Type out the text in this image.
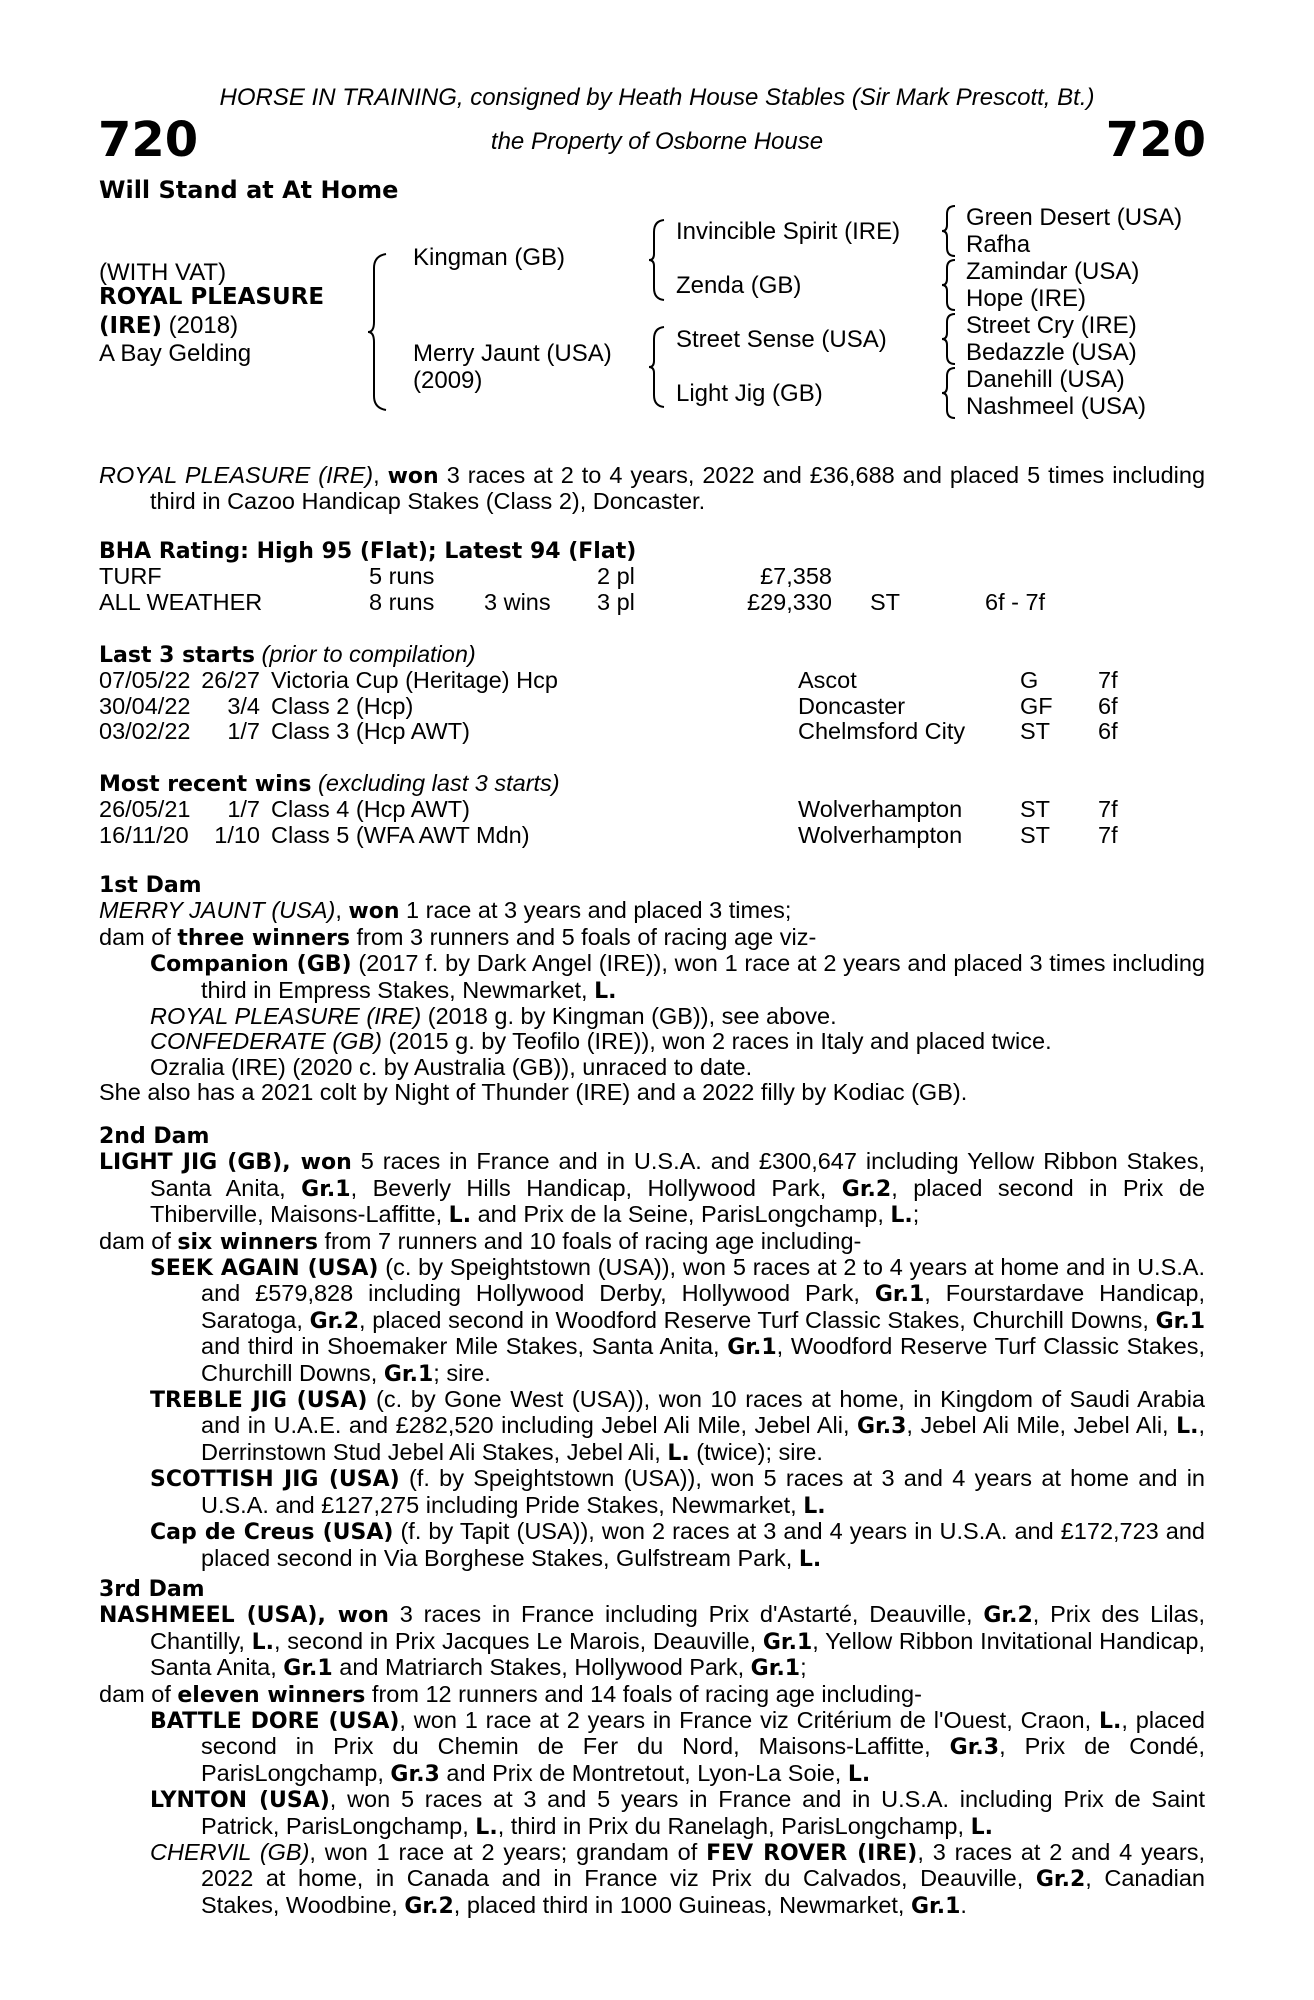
HORSE IN TRAINING, consigned by Heath House Stables (Sir Mark Prescott, Bt.)
720	720
the Property of Osborne House
Will Stand at At Home
(WITH VAT)
ROYAL PLEASURE
(IRE) (2018)
A Bay Gelding
Kingman (GB)
Merry Jaunt (USA)
(2009)
Invincible Spirit (IRE)
Zenda (GB)
Street Sense (USA)
Light Jig (GB)
Green Desert (USA)
Rafha
Zamindar (USA)
Hope (IRE)
Street Cry (IRE)
Bedazzle (USA)
Danehill (USA)
Nashmeel (USA)

ROYAL PLEASURE (IRE), won 3 races at 2 to 4 years, 2022 and £36,688 and placed 5 times including third in Cazoo Handicap Stakes (Class 2), Doncaster.

BHA Rating: High 95 (Flat); Latest 94 (Flat)
TURF	5 runs		2 pl	£7,358		
ALL WEATHER	8 runs	3 wins	3 pl	£29,330	ST	6f - 7f
Last 3 starts (prior to compilation)
07/05/22	26/27	Victoria Cup (Heritage) Hcp	Ascot	G	7f
30/04/22	3/4	Class 2 (Hcp)	Doncaster	GF	6f
03/02/22	1/7	Class 3 (Hcp AWT)	Chelmsford City	ST	6f
Most recent wins (excluding last 3 starts)
26/05/21	1/7	Class 4 (Hcp AWT)	Wolverhampton	ST	7f
16/11/20	1/10	Class 5 (WFA AWT Mdn)	Wolverhampton	ST	7f
1st Dam

MERRY JAUNT (USA), won 1 race at 3 years and placed 3 times;

dam of three winners from 3 runners and 5 foals of racing age viz-

Companion (GB) (2017 f. by Dark Angel (IRE)), won 1 race at 2 years and placed 3 times including third in Empress Stakes, Newmarket, L.

ROYAL PLEASURE (IRE) (2018 g. by Kingman (GB)), see above.

CONFEDERATE (GB) (2015 g. by Teofilo (IRE)), won 2 races in Italy and placed twice.

Ozralia (IRE) (2020 c. by Australia (GB)), unraced to date.

She also has a 2021 colt by Night of Thunder (IRE) and a 2022 filly by Kodiac (GB).

2nd Dam

LIGHT JIG (GB), won 5 races in France and in U.S.A. and £300,647 including Yellow Ribbon Stakes, Santa Anita, Gr.1, Beverly Hills Handicap, Hollywood Park, Gr.2, placed second in Prix de Thiberville, Maisons-Laffitte, L. and Prix de la Seine, ParisLongchamp, L.;

dam of six winners from 7 runners and 10 foals of racing age including-

SEEK AGAIN (USA) (c. by Speightstown (USA)), won 5 races at 2 to 4 years at home and in U.S.A. and £579,828 including Hollywood Derby, Hollywood Park, Gr.1, Fourstardave Handicap, Saratoga, Gr.2, placed second in Woodford Reserve Turf Classic Stakes, Churchill Downs, Gr.1 and third in Shoemaker Mile Stakes, Santa Anita, Gr.1, Woodford Reserve Turf Classic Stakes, Churchill Downs, Gr.1; sire.

TREBLE JIG (USA) (c. by Gone West (USA)), won 10 races at home, in Kingdom of Saudi Arabia and in U.A.E. and £282,520 including Jebel Ali Mile, Jebel Ali, Gr.3, Jebel Ali Mile, Jebel Ali, L., Derrinstown Stud Jebel Ali Stakes, Jebel Ali, L. (twice); sire.

SCOTTISH JIG (USA) (f. by Speightstown (USA)), won 5 races at 3 and 4 years at home and in U.S.A. and £127,275 including Pride Stakes, Newmarket, L.

Cap de Creus (USA) (f. by Tapit (USA)), won 2 races at 3 and 4 years in U.S.A. and £172,723 and placed second in Via Borghese Stakes, Gulfstream Park, L.

3rd Dam

NASHMEEL (USA), won 3 races in France including Prix d'Astarté, Deauville, Gr.2, Prix des Lilas, Chantilly, L., second in Prix Jacques Le Marois, Deauville, Gr.1, Yellow Ribbon Invitational Handicap, Santa Anita, Gr.1 and Matriarch Stakes, Hollywood Park, Gr.1;

dam of eleven winners from 12 runners and 14 foals of racing age including-

BATTLE DORE (USA), won 1 race at 2 years in France viz Critérium de l'Ouest, Craon, L., placed second in Prix du Chemin de Fer du Nord, Maisons-Laffitte, Gr.3, Prix de Condé, ParisLongchamp, Gr.3 and Prix de Montretout, Lyon-La Soie, L.

LYNTON (USA), won 5 races at 3 and 5 years in France and in U.S.A. including Prix de Saint Patrick, ParisLongchamp, L., third in Prix du Ranelagh, ParisLongchamp, L.

CHERVIL (GB), won 1 race at 2 years; grandam of FEV ROVER (IRE), 3 races at 2 and 4 years, 2022 at home, in Canada and in France viz Prix du Calvados, Deauville, Gr.2, Canadian Stakes, Woodbine, Gr.2, placed third in 1000 Guineas, Newmarket, Gr.1.
